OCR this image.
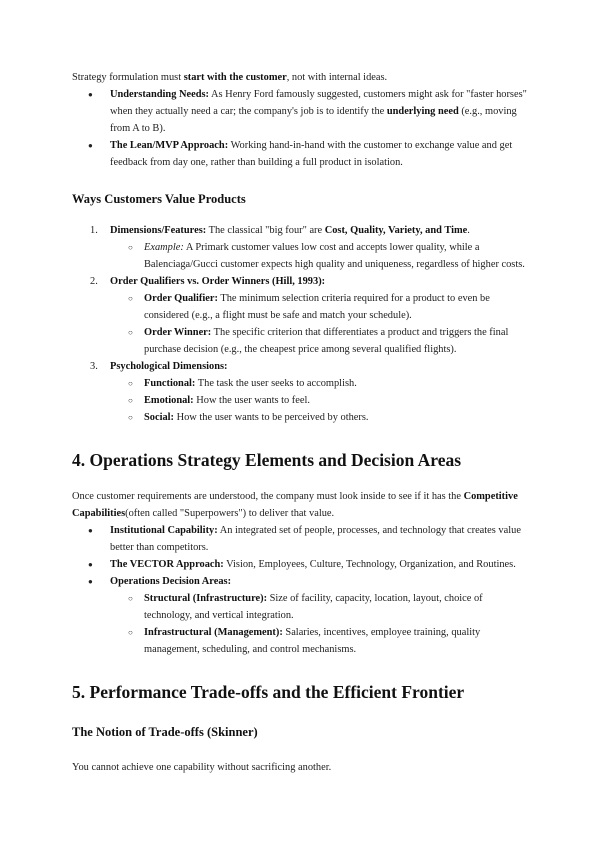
Strategy formulation must start with the customer, not with internal ideas.

● Understanding Needs: As Henry Ford famously suggested, customers might ask for "faster horses" when they actually need a car; the company's job is to identify the underlying need (e.g., moving from A to B).
● The Lean/MVP Approach: Working hand-in-hand with the customer to exchange value and get feedback from day one, rather than building a full product in isolation.
Ways Customers Value Products
1. Dimensions/Features: The classical "big four" are Cost, Quality, Variety, and Time.
○ Example: A Primark customer values low cost and accepts lower quality, while a Balenciaga/Gucci customer expects high quality and uniqueness, regardless of higher costs.
2. Order Qualifiers vs. Order Winners (Hill, 1993):
○ Order Qualifier: The minimum selection criteria required for a product to even be considered (e.g., a flight must be safe and match your schedule).
○ Order Winner: The specific criterion that differentiates a product and triggers the final purchase decision (e.g., the cheapest price among several qualified flights).
3. Psychological Dimensions:
○ Functional: The task the user seeks to accomplish.
○ Emotional: How the user wants to feel.
○ Social: How the user wants to be perceived by others.
4. Operations Strategy Elements and Decision Areas

Once customer requirements are understood, the company must look inside to see if it has the Competitive Capabilities(often called "Superpowers") to deliver that value.

● Institutional Capability: An integrated set of people, processes, and technology that creates value better than competitors.
● The VECTOR Approach: Vision, Employees, Culture, Technology, Organization, and Routines.
● Operations Decision Areas:
○ Structural (Infrastructure): Size of facility, capacity, location, layout, choice of technology, and vertical integration.
○ Infrastructural (Management): Salaries, incentives, employee training, quality management, scheduling, and control mechanisms.
5. Performance Trade-offs and the Efficient Frontier
The Notion of Trade-offs (Skinner)

You cannot achieve one capability without sacrificing another.
